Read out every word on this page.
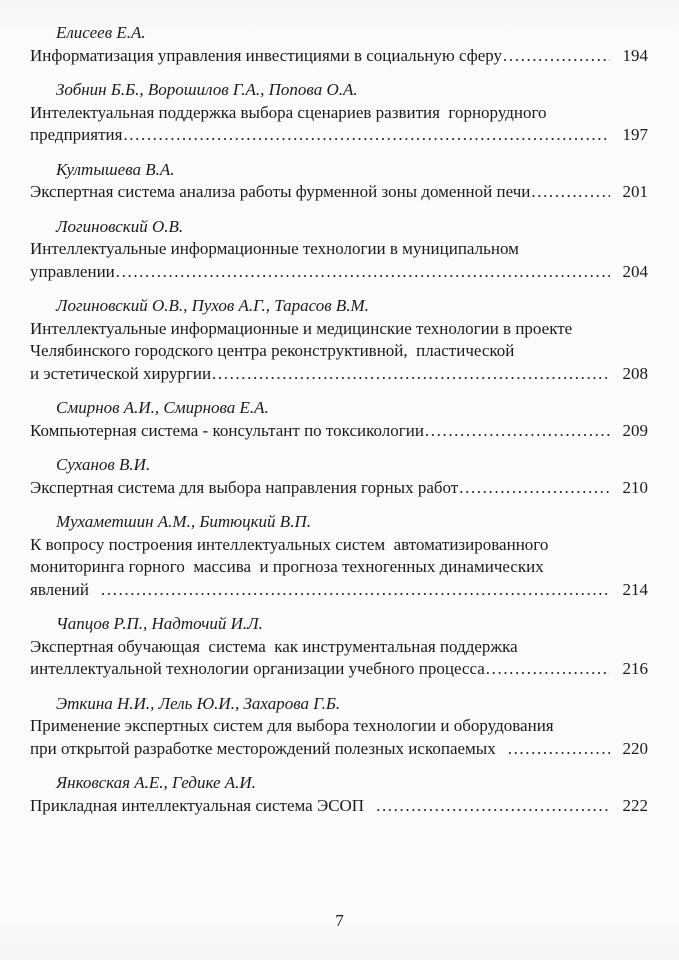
Елисеев Е.А.
Информатизация управления инвестициями в социальную сферу .....	194
Зобнин Б.Б., Ворошилов Г.А., Попова О.А.
Интелектуальная поддержка выбора сценариев развития  горнорудного
предприятия .....	197
Култышева В.А.
Экспертная система анализа работы фурменной зоны доменной печи .....	201
Логиновский О.В.
Интеллектуальные информационные технологии в муниципальном
управлении .....	204
Логиновский О.В., Пухов А.Г., Тарасов В.М.
Интеллектуальные информационные и медицинские технологии в проекте
Челябинского городского центра реконструктивной,  пластической
и эстетической хирургии .....	208
Смирнов А.И., Смирнова Е.А.
Компьютерная система - консультант по токсикологии .....	209
Суханов В.И.
Экспертная система для выбора направления горных работ .....	210
Мухаметшин А.М., Битюцкий В.П.
К вопросу построения интеллектуальных систем  автоматизированного
мониторинга горного  массива  и прогноза техногенных динамических
явлений .....	214
Чапцов Р.П., Надточий И.Л.
Экспертная обучающая  система  как инструментальная поддержка
интеллектуальной технологии организации учебного процесса .....	216
Эткина Н.И., Лель Ю.И., Захарова Г.Б.
Применение экспертных систем для выбора технологии и оборудования
при открытой разработке месторождений полезных ископаемых .....	220
Янковская А.Е., Гедике А.И.
Прикладная интеллектуальная система ЭСОП .....	222
7
